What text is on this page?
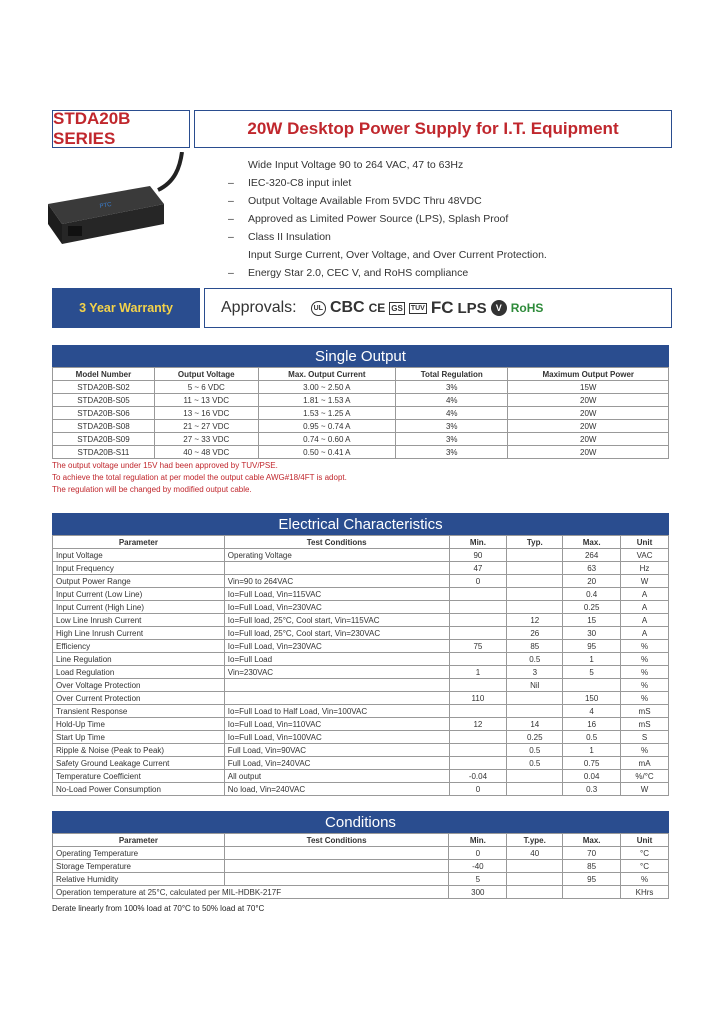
STDA20B SERIES
20W Desktop Power Supply for I.T. Equipment
PTC
Wide Input Voltage 90 to 264 VAC, 47 to 63Hz
– IEC-320-C8 input inlet
– Output Voltage Available From 5VDC Thru 48VDC
– Approved as Limited Power Source (LPS), Splash Proof
– Class II Insulation
Input Surge Current, Over Voltage, and Over Current Protection.
– Energy Star 2.0, CEC V, and RoHS compliance
3 Year Warranty	Approvals:	UL CBC CE GS TUV FC LPS V RoHS
Single Output
Model Number	Output Voltage	Max. Output Current	Total Regulation	Maximum Output Power
STDA20B-S02	5 ~ 6 VDC	3.00 ~ 2.50 A	3%	15W
STDA20B-S05	11 ~ 13 VDC	1.81 ~ 1.53 A	4%	20W
STDA20B-S06	13 ~ 16 VDC	1.53 ~ 1.25 A	4%	20W
STDA20B-S08	21 ~ 27 VDC	0.95 ~ 0.74 A	3%	20W
STDA20B-S09	27 ~ 33 VDC	0.74 ~ 0.60 A	3%	20W
STDA20B-S11	40 ~ 48 VDC	0.50 ~ 0.41 A	3%	20W
The output voltage under 15V had been approved by TUV/PSE.
To achieve the total regulation at per model the output cable AWG#18/4FT is adopt.
The regulation will be changed by modified output cable.
Electrical Characteristics
Parameter	Test Conditions	Min.	Typ.	Max.	Unit
Input Voltage	Operating Voltage	90		264	VAC
Input Frequency		47		63	Hz
Output Power Range	Vin=90 to 264VAC	0		20	W
Input Current (Low Line)	Io=Full Load, Vin=115VAC			0.4	A
Input Current (High Line)	Io=Full Load, Vin=230VAC			0.25	A
Low Line Inrush Current	Io=Full load, 25°C, Cool start, Vin=115VAC		12	15	A
High Line Inrush Current	Io=Full load, 25°C, Cool start, Vin=230VAC		26	30	A
Efficiency	Io=Full Load, Vin=230VAC	75	85	95	%
Line Regulation	Io=Full Load		0.5	1	%
Load Regulation	Vin=230VAC	1	3	5	%
Over Voltage Protection			Nil		%
Over Current Protection		110		150	%
Transient Response	Io=Full Load to Half Load, Vin=100VAC			4	mS
Hold-Up Time	Io=Full Load, Vin=110VAC	12	14	16	mS
Start Up Time	Io=Full Load, Vin=100VAC		0.25	0.5	S
Ripple & Noise (Peak to Peak)	Full Load, Vin=90VAC		0.5	1	%
Safety Ground Leakage Current	Full Load, Vin=240VAC		0.5	0.75	mA
Temperature Coefficient	All output	-0.04		0.04	%/°C
No-Load Power Consumption	No load, Vin=240VAC	0		0.3	W
Conditions
Parameter	Test Conditions	Min.	T.ype.	Max.	Unit
Operating Temperature		0	40	70	°C
Storage Temperature		-40		85	°C
Relative Humidity		5		95	%
Operation temperature at 25°C, calculated per MIL-HDBK-217F		300			KHrs
Derate linearly from 100% load at 70°C to 50% load at 70°C
